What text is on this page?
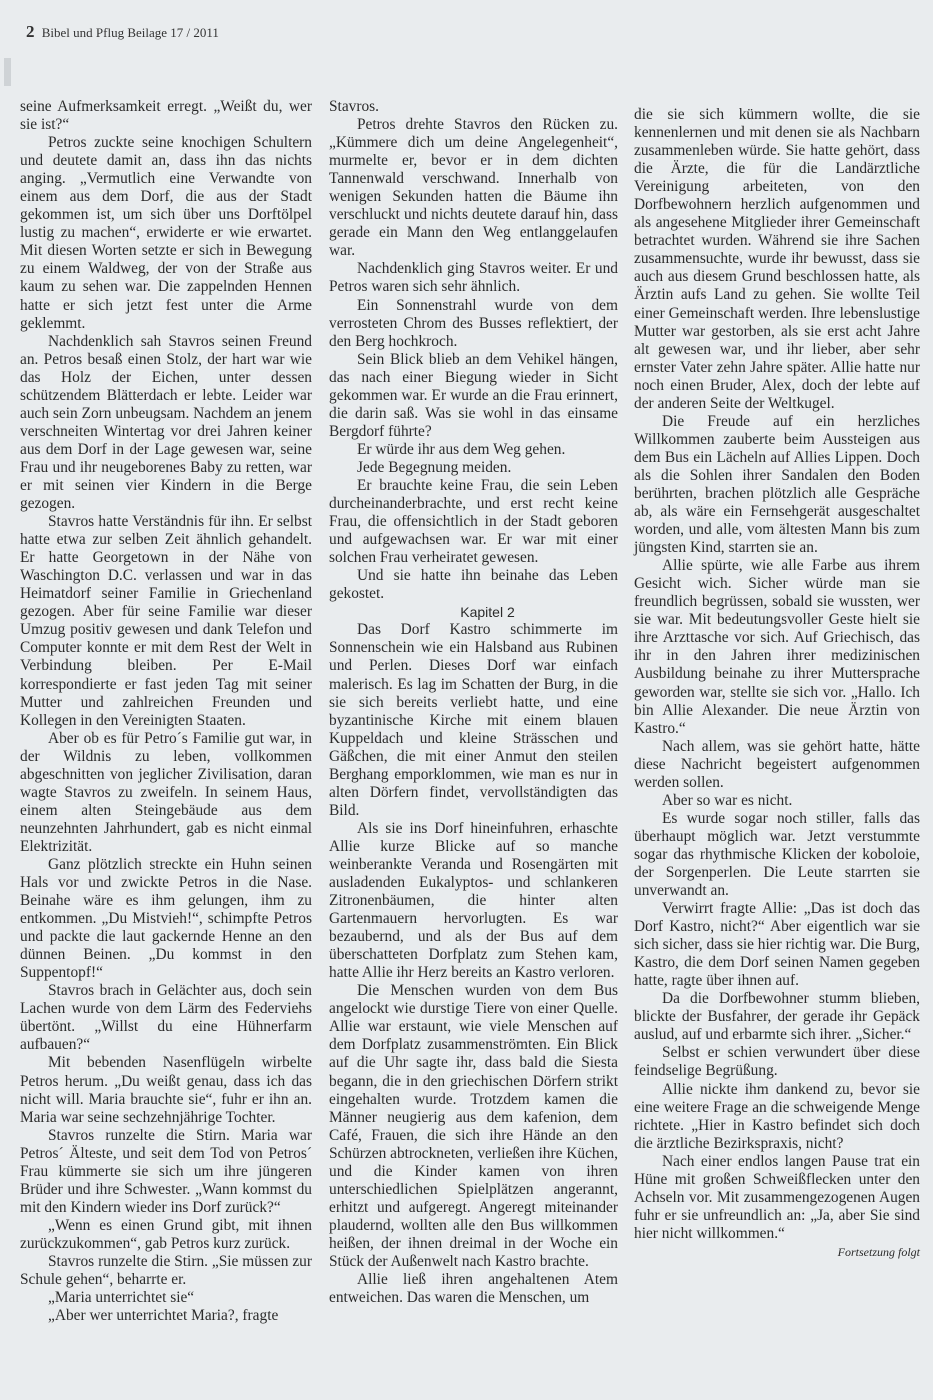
2 Bibel und Pflug Beilage 17 / 2011

seine Aufmerksamkeit erregt. „Weißt du, wer sie ist?“

Petros zuckte seine knochigen Schultern und deutete damit an, dass ihn das nichts anging. „Vermutlich eine Verwandte von einem aus dem Dorf, die aus der Stadt gekommen ist, um sich über uns Dorftölpel lustig zu machen“, erwiderte er wie erwartet. Mit diesen Worten setzte er sich in Bewegung zu einem Waldweg, der von der Straße aus kaum zu sehen war. Die zappelnden Hennen hatte er sich jetzt fest unter die Arme geklemmt.

Nachdenklich sah Stavros seinen Freund an. Petros besaß einen Stolz, der hart war wie das Holz der Eichen, unter dessen schützendem Blätterdach er lebte. Leider war auch sein Zorn unbeugsam. Nachdem an jenem verschneiten Wintertag vor drei Jahren keiner aus dem Dorf in der Lage gewesen war, seine Frau und ihr neugeborenes Baby zu retten, war er mit seinen vier Kindern in die Berge gezogen.

Stavros hatte Verständnis für ihn. Er selbst hatte etwa zur selben Zeit ähnlich gehandelt. Er hatte Georgetown in der Nähe von Waschington D.C. verlassen und war in das Heimatdorf seiner Familie in Griechenland gezogen. Aber für seine Familie war dieser Umzug positiv gewesen und dank Telefon und Computer konnte er mit dem Rest der Welt in Verbindung bleiben. Per E-Mail korrespondierte er fast jeden Tag mit seiner Mutter und zahlreichen Freunden und Kollegen in den Vereinigten Staaten.

Aber ob es für Petro´s Familie gut war, in der Wildnis zu leben, vollkommen abgeschnitten von jeglicher Zivilisation, daran wagte Stavros zu zweifeln. In seinem Haus, einem alten Steingebäude aus dem neunzehnten Jahrhundert, gab es nicht einmal Elektrizität.

Ganz plötzlich streckte ein Huhn seinen Hals vor und zwickte Petros in die Nase. Beinahe wäre es ihm gelungen, ihm zu entkommen. „Du Mistvieh!“, schimpfte Petros und packte die laut gackernde Henne an den dünnen Beinen. „Du kommst in den Suppentopf!“

Stavros brach in Gelächter aus, doch sein Lachen wurde von dem Lärm des Federviehs übertönt. „Willst du eine Hühnerfarm aufbauen?“

Mit bebenden Nasenflügeln wirbelte Petros herum. „Du weißt genau, dass ich das nicht will. Maria brauchte sie“, fuhr er ihn an. Maria war seine sechzehnjährige Tochter.

Stavros runzelte die Stirn. Maria war Petros´ Älteste, und seit dem Tod von Petros´ Frau kümmerte sie sich um ihre jüngeren Brüder und ihre Schwester. „Wann kommst du mit den Kindern wieder ins Dorf zurück?“

„Wenn es einen Grund gibt, mit ihnen zurückzukommen“, gab Petros kurz zurück.

Stavros runzelte die Stirn. „Sie müssen zur Schule gehen“, beharrte er.

„Maria unterrichtet sie“

„Aber wer unterrichtet Maria?, fragte

Stavros.

Petros drehte Stavros den Rücken zu. „Kümmere dich um deine Angelegenheit“, murmelte er, bevor er in dem dichten Tannenwald verschwand. Innerhalb von wenigen Sekunden hatten die Bäume ihn verschluckt und nichts deutete darauf hin, dass gerade ein Mann den Weg entlanggelaufen war.

Nachdenklich ging Stavros weiter. Er und Petros waren sich sehr ähnlich.

Ein Sonnenstrahl wurde von dem verrosteten Chrom des Busses reflektiert, der den Berg hochkroch.

Sein Blick blieb an dem Vehikel hängen, das nach einer Biegung wieder in Sicht gekommen war. Er wurde an die Frau erinnert, die darin saß. Was sie wohl in das einsame Bergdorf führte?

Er würde ihr aus dem Weg gehen.

Jede Begegnung meiden.

Er brauchte keine Frau, die sein Leben durcheinanderbrachte, und erst recht keine Frau, die offensichtlich in der Stadt geboren und aufgewachsen war. Er war mit einer solchen Frau verheiratet gewesen.

Und sie hatte ihn beinahe das Leben gekostet.

Kapitel 2

Das Dorf Kastro schimmerte im Sonnenschein wie ein Halsband aus Rubinen und Perlen. Dieses Dorf war einfach malerisch. Es lag im Schatten der Burg, in die sie sich bereits verliebt hatte, und eine byzantinische Kirche mit einem blauen Kuppeldach und kleine Strässchen und Gäßchen, die mit einer Anmut den steilen Berghang emporklommen, wie man es nur in alten Dörfern findet, vervollständigten das Bild.

Als sie ins Dorf hineinfuhren, erhaschte Allie kurze Blicke auf so manche weinberankte Veranda und Rosengärten mit ausladenden Eukalyptos- und schlankeren Zitronenbäumen, die hinter alten Gartenmauern hervorlugten. Es war bezaubernd, und als der Bus auf dem überschatteten Dorfplatz zum Stehen kam, hatte Allie ihr Herz bereits an Kastro verloren.

Die Menschen wurden von dem Bus angelockt wie durstige Tiere von einer Quelle. Allie war erstaunt, wie viele Menschen auf dem Dorfplatz zusammenströmten. Ein Blick auf die Uhr sagte ihr, dass bald die Siesta begann, die in den griechischen Dörfern strikt eingehalten wurde. Trotzdem kamen die Männer neugierig aus dem kafenion, dem Café, Frauen, die sich ihre Hände an den Schürzen abtrockneten, verließen ihre Küchen, und die Kinder kamen von ihren unterschiedlichen Spielplätzen angerannt, erhitzt und aufgeregt. Angeregt miteinander plaudernd, wollten alle den Bus willkommen heißen, der ihnen dreimal in der Woche ein Stück der Außenwelt nach Kastro brachte.

Allie ließ ihren angehaltenen Atem entweichen. Das waren die Menschen, um

die sie sich kümmern wollte, die sie kennenlernen und mit denen sie als Nachbarn zusammenleben würde. Sie hatte gehört, dass die Ärzte, die für die Landärztliche Vereinigung arbeiteten, von den Dorfbewohnern herzlich aufgenommen und als angesehene Mitglieder ihrer Gemeinschaft betrachtet wurden. Während sie ihre Sachen zusammensuchte, wurde ihr bewusst, dass sie auch aus diesem Grund beschlossen hatte, als Ärztin aufs Land zu gehen. Sie wollte Teil einer Gemeinschaft werden. Ihre lebenslustige Mutter war gestorben, als sie erst acht Jahre alt gewesen war, und ihr lieber, aber sehr ernster Vater zehn Jahre später. Allie hatte nur noch einen Bruder, Alex, doch der lebte auf der anderen Seite der Weltkugel.

Die Freude auf ein herzliches Willkommen zauberte beim Aussteigen aus dem Bus ein Lächeln auf Allies Lippen. Doch als die Sohlen ihrer Sandalen den Boden berührten, brachen plötzlich alle Gespräche ab, als wäre ein Fernsehgerät ausgeschaltet worden, und alle, vom ältesten Mann bis zum jüngsten Kind, starrten sie an.

Allie spürte, wie alle Farbe aus ihrem Gesicht wich. Sicher würde man sie freundlich begrüssen, sobald sie wussten, wer sie war. Mit bedeutungsvoller Geste hielt sie ihre Arzttasche vor sich. Auf Griechisch, das ihr in den Jahren ihrer medizinischen Ausbildung beinahe zu ihrer Muttersprache geworden war, stellte sie sich vor. „Hallo. Ich bin Allie Alexander. Die neue Ärztin von Kastro.“

Nach allem, was sie gehört hatte, hätte diese Nachricht begeistert aufgenommen werden sollen.

Aber so war es nicht.

Es wurde sogar noch stiller, falls das überhaupt möglich war. Jetzt verstummte sogar das rhythmische Klicken der koboloie, der Sorgenperlen. Die Leute starrten sie unverwandt an.

Verwirrt fragte Allie: „Das ist doch das Dorf Kastro, nicht?“ Aber eigentlich war sie sich sicher, dass sie hier richtig war. Die Burg, Kastro, die dem Dorf seinen Namen gegeben hatte, ragte über ihnen auf.

Da die Dorfbewohner stumm blieben, blickte der Busfahrer, der gerade ihr Gepäck auslud, auf und erbarmte sich ihrer. „Sicher.“

Selbst er schien verwundert über diese feindselige Begrüßung.

Allie nickte ihm dankend zu, bevor sie eine weitere Frage an die schweigende Menge richtete. „Hier in Kastro befindet sich doch die ärztliche Bezirkspraxis, nicht?

Nach einer endlos langen Pause trat ein Hüne mit großen Schweißflecken unter den Achseln vor. Mit zusammengezogenen Augen fuhr er sie unfreundlich an: „Ja, aber Sie sind hier nicht willkommen.“

Fortsetzung folgt
